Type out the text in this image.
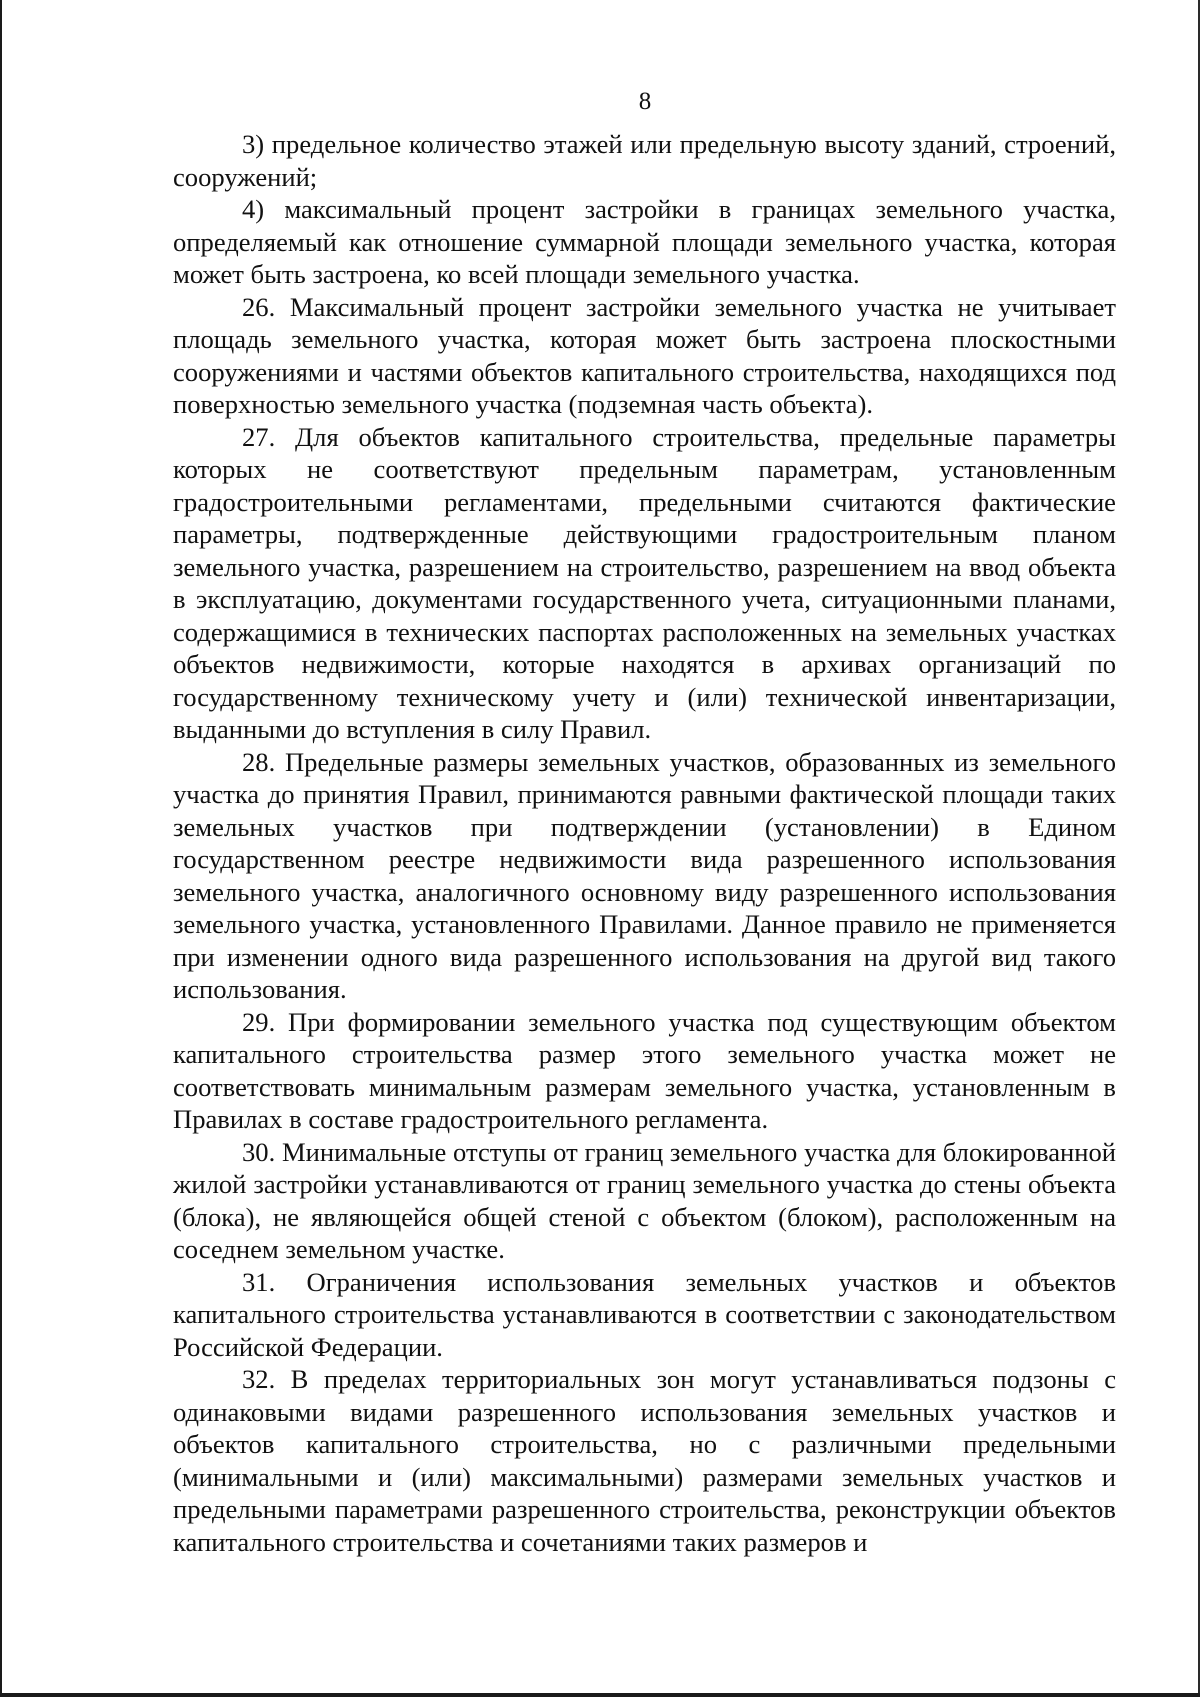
8

3) предельное количество этажей или предельную высоту зданий, строений, сооружений;

4) максимальный процент застройки в границах земельного участка, определяемый как отношение суммарной площади земельного участка, которая может быть застроена, ко всей площади земельного участка.

26. Максимальный процент застройки земельного участка не учитывает площадь земельного участка, которая может быть застроена плоскостными сооружениями и частями объектов капитального строительства, находящихся под поверхностью земельного участка (подземная часть объекта).

27. Для объектов капитального строительства, предельные параметры которых не соответствуют предельным параметрам, установленным градостроительными регламентами, предельными считаются фактические параметры, подтвержденные действующими градостроительным планом земельного участка, разрешением на строительство, разрешением на ввод объекта в эксплуатацию, документами государственного учета, ситуационными планами, содержащимися в технических паспортах расположенных на земельных участках объектов недвижимости, которые находятся в архивах организаций по государственному техническому учету и (или) технической инвентаризации, выданными до вступления в силу Правил.

28. Предельные размеры земельных участков, образованных из земельного участка до принятия Правил, принимаются равными фактической площади таких земельных участков при подтверждении (установлении) в Едином государственном реестре недвижимости вида разрешенного использования земельного участка, аналогичного основному виду разрешенного использования земельного участка, установленного Правилами. Данное правило не применяется при изменении одного вида разрешенного использования на другой вид такого использования.

29. При формировании земельного участка под существующим объектом капитального строительства размер этого земельного участка может не соответствовать минимальным размерам земельного участка, установленным в Правилах в составе градостроительного регламента.

30. Минимальные отступы от границ земельного участка для блокированной жилой застройки устанавливаются от границ земельного участка до стены объекта (блока), не являющейся общей стеной с объектом (блоком), расположенным на соседнем земельном участке.

31. Ограничения использования земельных участков и объектов капитального строительства устанавливаются в соответствии с законодательством Российской Федерации.

32. В пределах территориальных зон могут устанавливаться подзоны с одинаковыми видами разрешенного использования земельных участков и объектов капитального строительства, но с различными предельными (минимальными и (или) максимальными) размерами земельных участков и предельными параметрами разрешенного строительства, реконструкции объектов капитального строительства и сочетаниями таких размеров и
